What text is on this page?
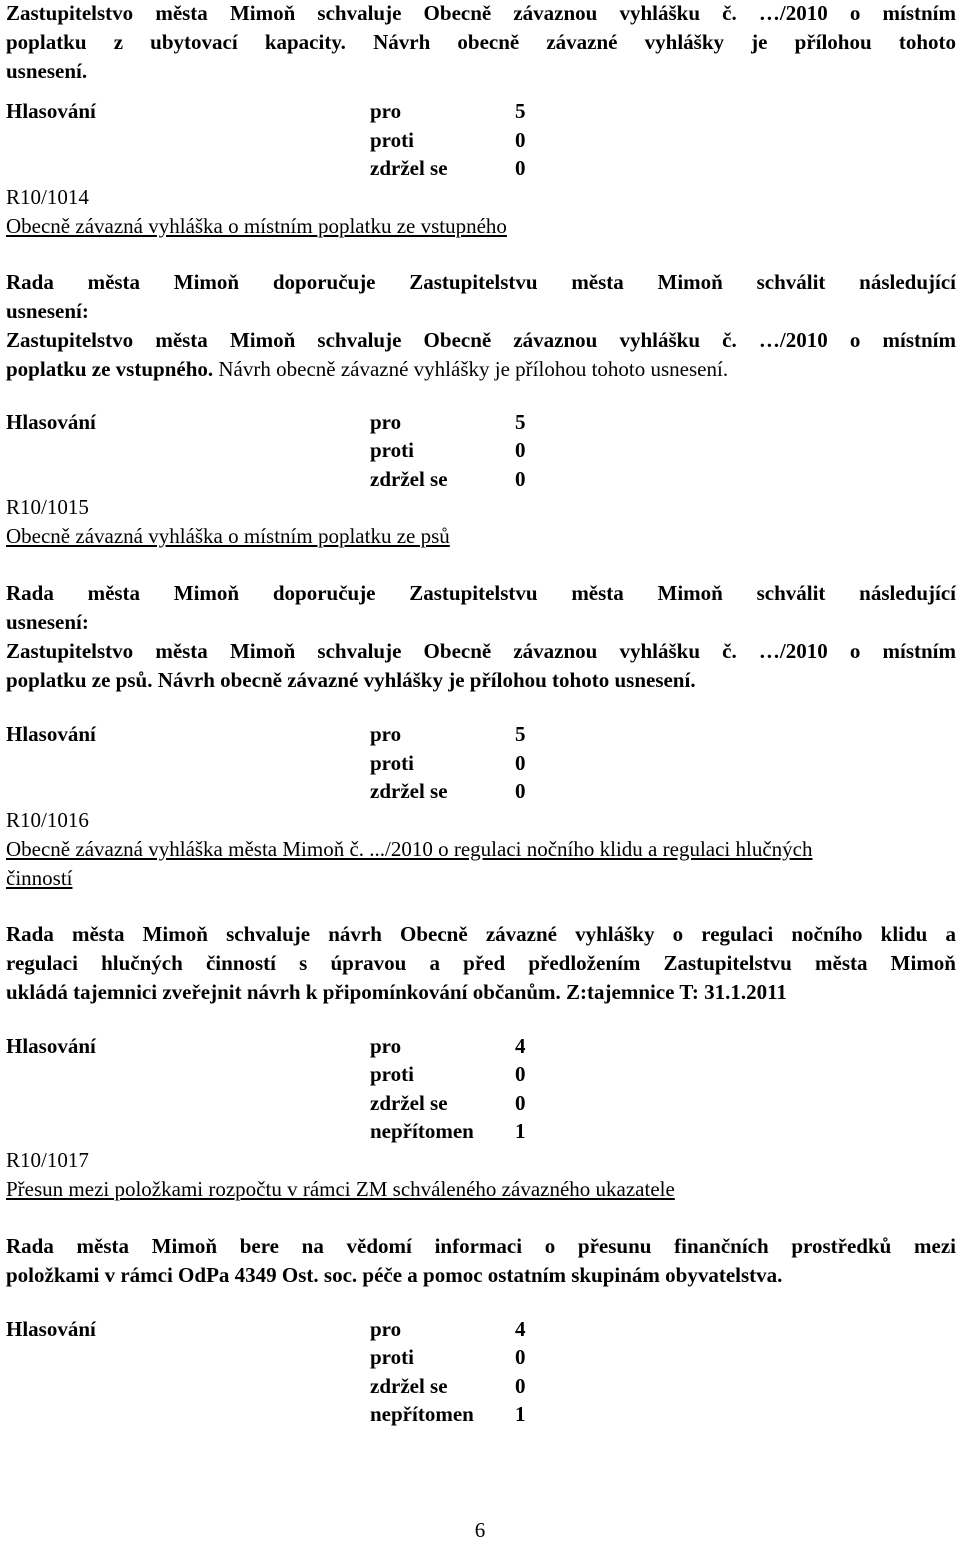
Zastupitelstvo města Mimoň schvaluje Obecně závaznou vyhlášku č. …/2010 o místním
poplatku z ubytovací kapacity. Návrh obecně závazné vyhlášky je přílohou tohoto
usnesení.
Hlasování	pro	5
proti	0
zdržel se	0
R10/1014
Obecně závazná vyhláška o místním poplatku ze vstupného
Rada města Mimoň doporučuje Zastupitelstvu města Mimoň schválit následující
usnesení:
Zastupitelstvo města Mimoň schvaluje Obecně závaznou vyhlášku č. …/2010 o místním
poplatku ze vstupného. Návrh obecně závazné vyhlášky je přílohou tohoto usnesení.
Hlasování	pro	5
proti	0
zdržel se	0
R10/1015
Obecně závazná vyhláška o místním poplatku ze psů
Rada města Mimoň doporučuje Zastupitelstvu města Mimoň schválit následující
usnesení:
Zastupitelstvo města Mimoň schvaluje Obecně závaznou vyhlášku č. …/2010 o místním
poplatku ze psů. Návrh obecně závazné vyhlášky je přílohou tohoto usnesení.
Hlasování	pro	5
proti	0
zdržel se	0
R10/1016
Obecně závazná vyhláška města Mimoň č. .../2010 o regulaci nočního klidu a regulaci hlučných
činností
Rada města Mimoň schvaluje návrh Obecně závazné vyhlášky o regulaci nočního klidu a
regulaci hlučných činností s úpravou a před předložením Zastupitelstvu města Mimoň
ukládá tajemnici zveřejnit návrh k připomínkování občanům. Z:tajemnice T: 31.1.2011
Hlasování	pro	4
proti	0
zdržel se	0
nepřítomen 1
R10/1017
Přesun mezi položkami rozpočtu v rámci ZM schváleného závazného ukazatele
Rada města Mimoň bere na vědomí informaci o přesunu finančních prostředků mezi
položkami v rámci OdPa 4349 Ost. soc. péče a pomoc ostatním skupinám obyvatelstva.
Hlasování	pro	4
proti	0
zdržel se	0
nepřítomen 1
6
